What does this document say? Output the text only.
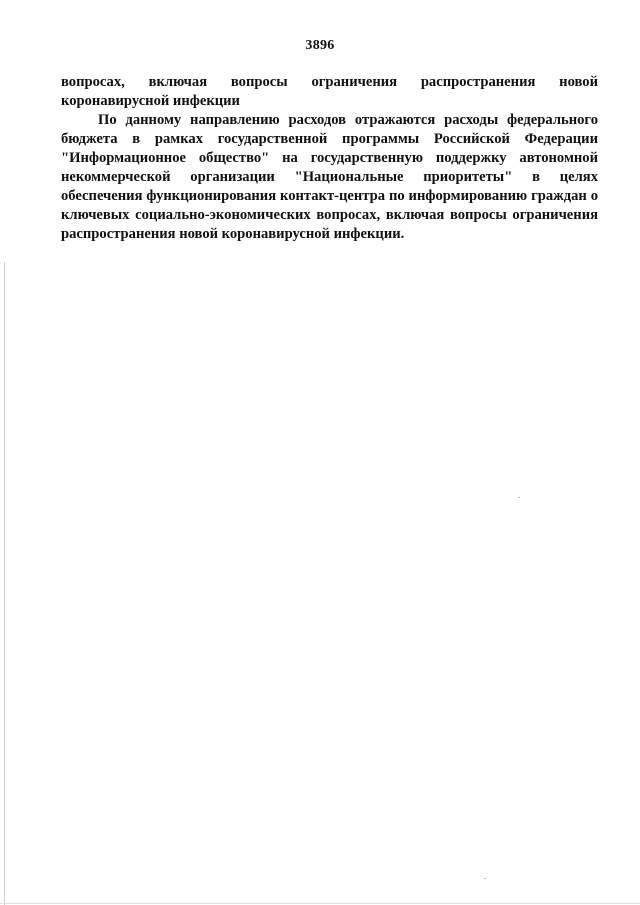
3896
вопросах, включая вопросы ограничения распространения новой коронавирусной инфекции
По данному направлению расходов отражаются расходы федерального бюджета в рамках государственной программы Российской Федерации "Информационное общество" на государственную поддержку автономной некоммерческой организации "Национальные приоритеты" в целях обеспечения функционирования контакт-центра по информированию граждан о ключевых социально-экономических вопросах, включая вопросы ограничения распространения новой коронавирусной инфекции.
